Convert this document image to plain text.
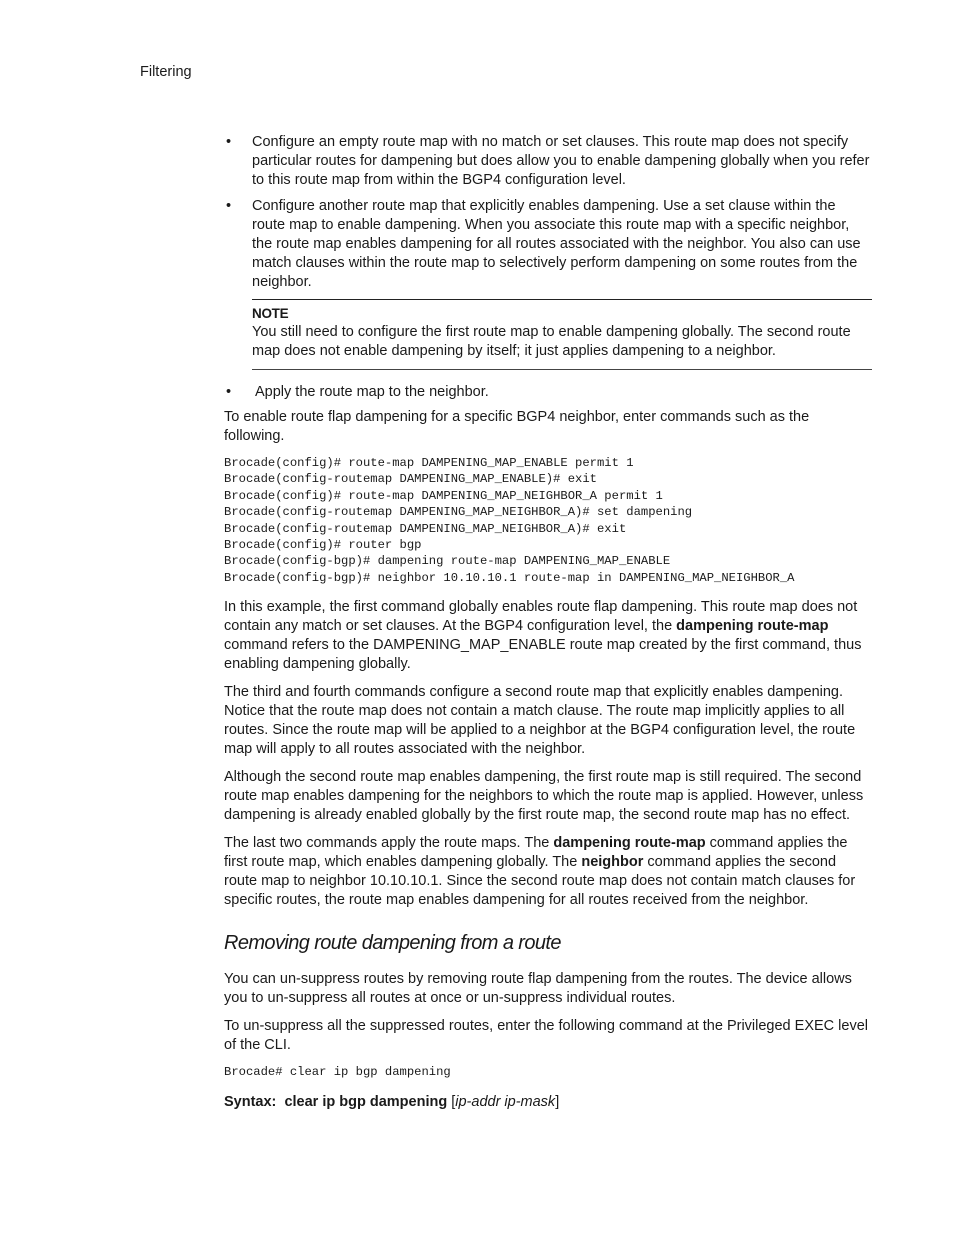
Filtering
• Configure an empty route map with no match or set clauses. This route map does not specify particular routes for dampening but does allow you to enable dampening globally when you refer to this route map from within the BGP4 configuration level.
• Configure another route map that explicitly enables dampening. Use a set clause within the route map to enable dampening. When you associate this route map with a specific neighbor, the route map enables dampening for all routes associated with the neighbor. You also can use match clauses within the route map to selectively perform dampening on some routes from the neighbor.
NOTE
You still need to configure the first route map to enable dampening globally. The second route map does not enable dampening by itself; it just applies dampening to a neighbor.
• Apply the route map to the neighbor.

To enable route flap dampening for a specific BGP4 neighbor, enter commands such as the following.

Brocade(config)# route-map DAMPENING_MAP_ENABLE permit 1
Brocade(config-routemap DAMPENING_MAP_ENABLE)# exit
Brocade(config)# route-map DAMPENING_MAP_NEIGHBOR_A permit 1
Brocade(config-routemap DAMPENING_MAP_NEIGHBOR_A)# set dampening
Brocade(config-routemap DAMPENING_MAP_NEIGHBOR_A)# exit
Brocade(config)# router bgp
Brocade(config-bgp)# dampening route-map DAMPENING_MAP_ENABLE
Brocade(config-bgp)# neighbor 10.10.10.1 route-map in DAMPENING_MAP_NEIGHBOR_A

In this example, the first command globally enables route flap dampening. This route map does not contain any match or set clauses. At the BGP4 configuration level, the dampening route-map command refers to the DAMPENING_MAP_ENABLE route map created by the first command, thus enabling dampening globally.

The third and fourth commands configure a second route map that explicitly enables dampening. Notice that the route map does not contain a match clause. The route map implicitly applies to all routes. Since the route map will be applied to a neighbor at the BGP4 configuration level, the route map will apply to all routes associated with the neighbor.

Although the second route map enables dampening, the first route map is still required. The second route map enables dampening for the neighbors to which the route map is applied. However, unless dampening is already enabled globally by the first route map, the second route map has no effect.

The last two commands apply the route maps. The dampening route-map command applies the first route map, which enables dampening globally. The neighbor command applies the second route map to neighbor 10.10.10.1. Since the second route map does not contain match clauses for specific routes, the route map enables dampening for all routes received from the neighbor.

Removing route dampening from a route

You can un-suppress routes by removing route flap dampening from the routes. The device allows you to un-suppress all routes at once or un-suppress individual routes.

To un-suppress all the suppressed routes, enter the following command at the Privileged EXEC level of the CLI.

Brocade# clear ip bgp dampening

Syntax: clear ip bgp dampening [ip-addr ip-mask]
